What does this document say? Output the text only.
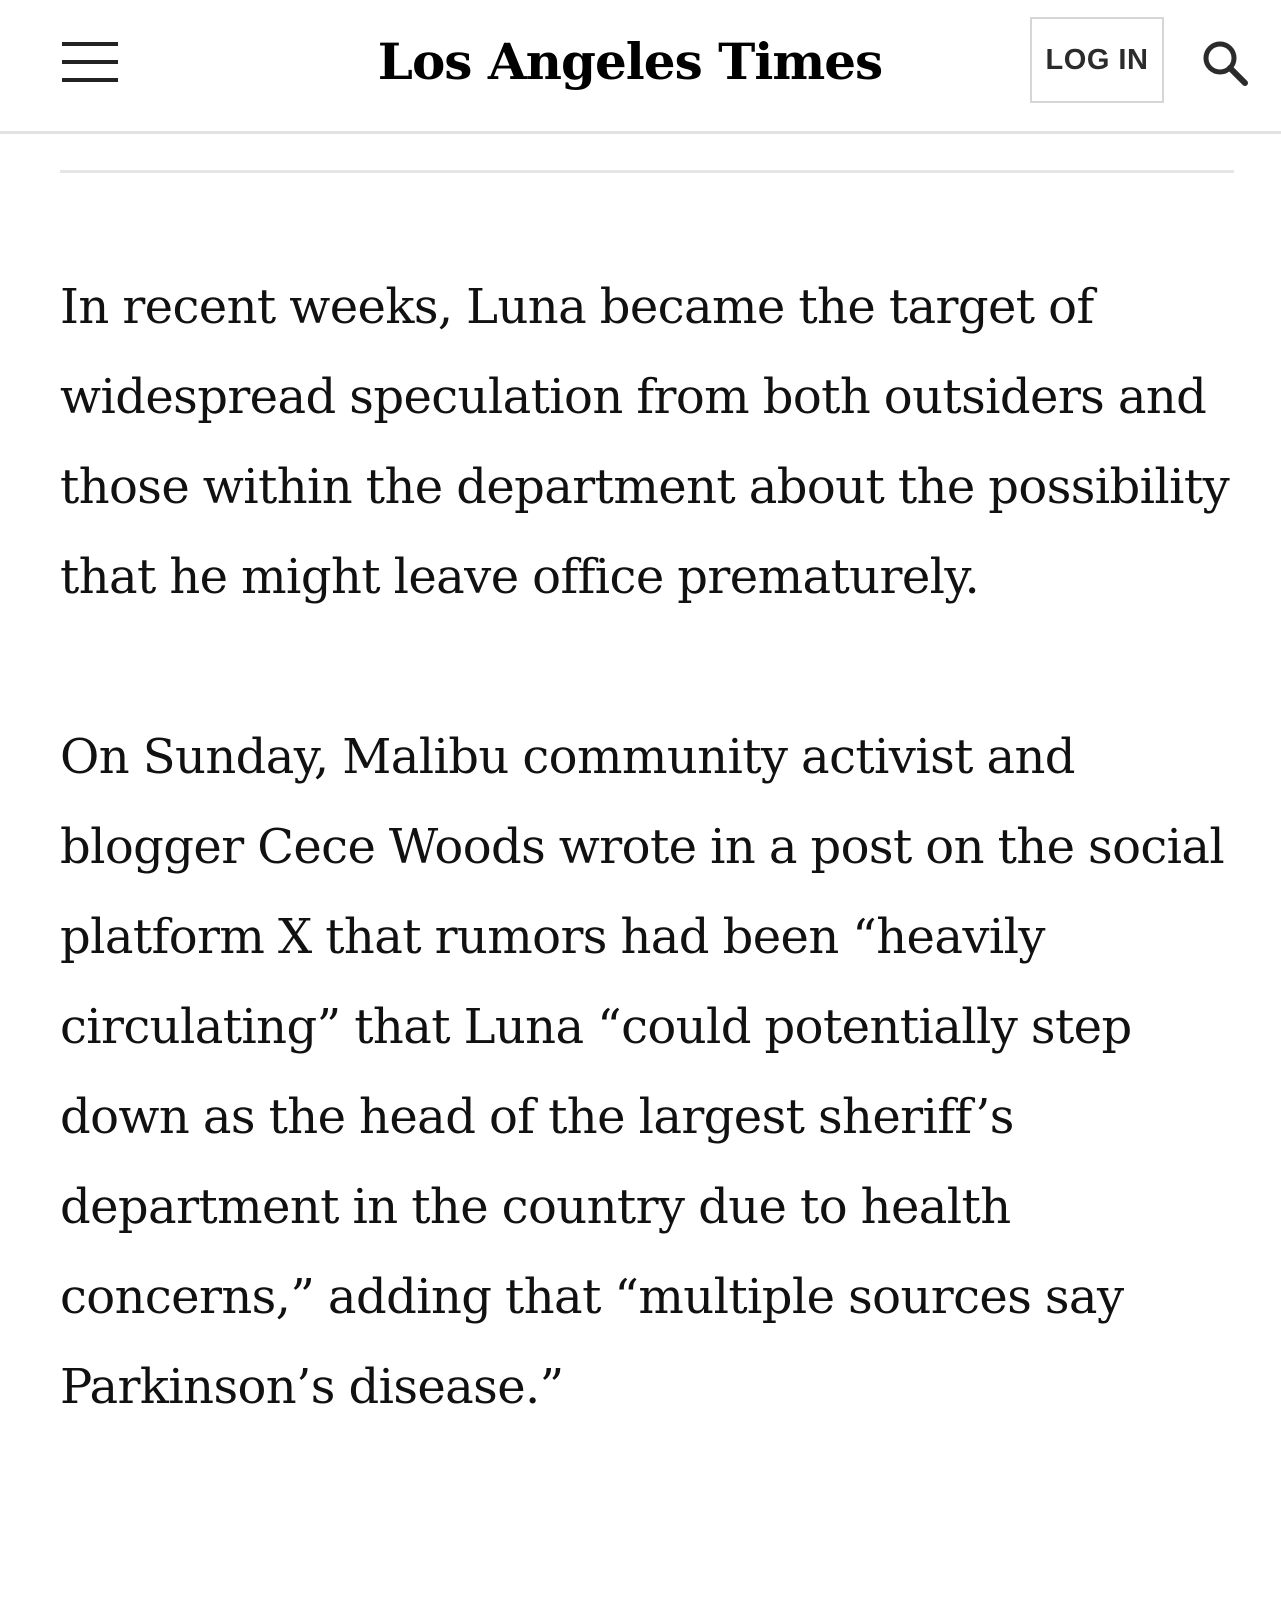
Los Angeles Times	LOG IN

In recent weeks, Luna became the target of widespread speculation from both outsiders and those within the department about the possibility that he might leave office prematurely.

On Sunday, Malibu community activist and blogger Cece Woods wrote in a post on the social platform X that rumors had been “heavily circulating” that Luna “could potentially step down as the head of the largest sheriff’s department in the country due to health concerns,” adding that “multiple sources say Parkinson’s disease.”
